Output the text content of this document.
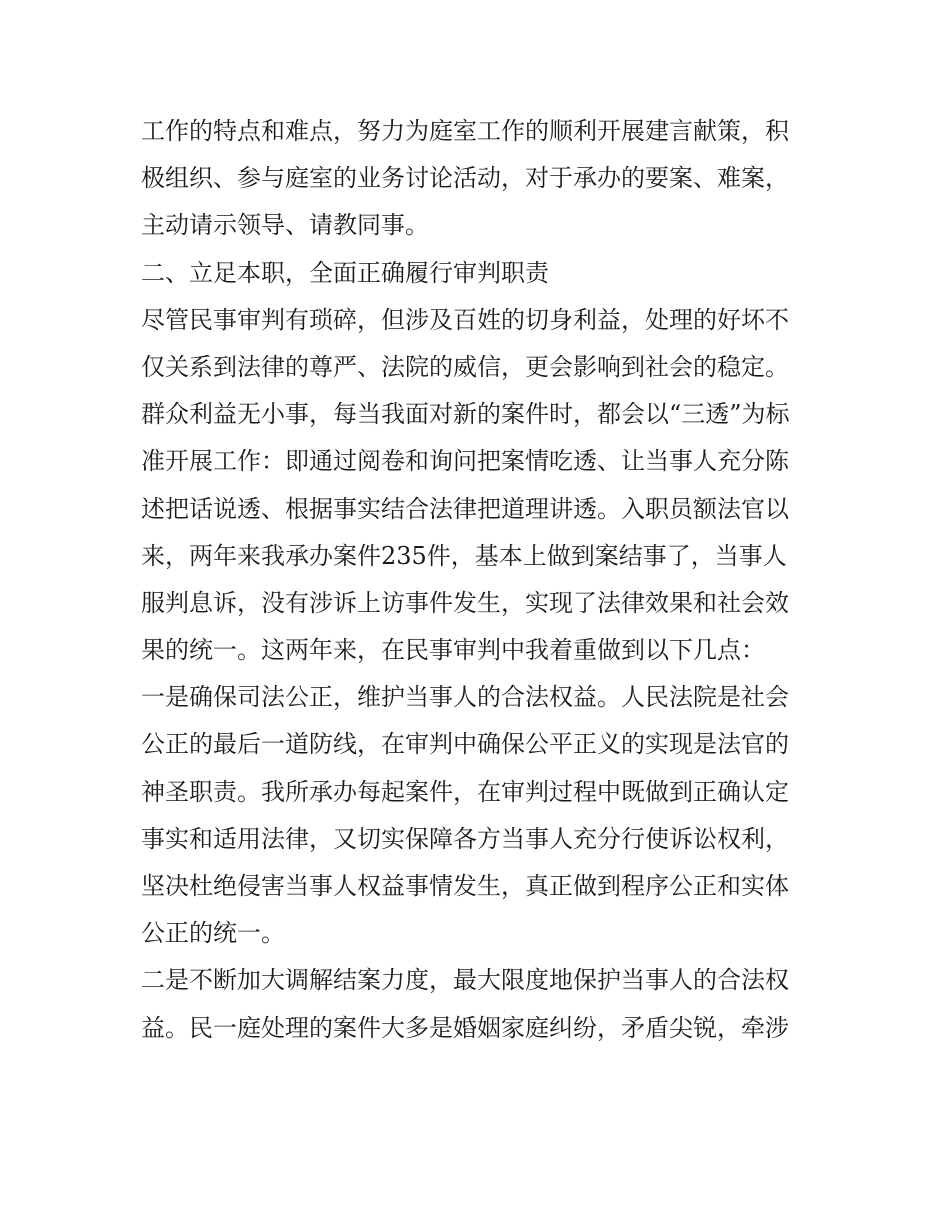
工作的特点和难点，努力为庭室工作的顺利开展建言献策，积

极组织、参与庭室的业务讨论活动，对于承办的要案、难案，

主动请示领导、请教同事。

二、立足本职，全面正确履行审判职责

尽管民事审判有琐碎，但涉及百姓的切身利益，处理的好坏不

仅关系到法律的尊严、法院的威信，更会影响到社会的稳定。

群众利益无小事，每当我面对新的案件时，都会以“三透”为标

准开展工作：即通过阅卷和询问把案情吃透、让当事人充分陈

述把话说透、根据事实结合法律把道理讲透。入职员额法官以

来，两年来我承办案件235件，基本上做到案结事了，当事人

服判息诉，没有涉诉上访事件发生，实现了法律效果和社会效

果的统一。这两年来，在民事审判中我着重做到以下几点：

一是确保司法公正，维护当事人的合法权益。人民法院是社会

公正的最后一道防线，在审判中确保公平正义的实现是法官的

神圣职责。我所承办每起案件，在审判过程中既做到正确认定

事实和适用法律，又切实保障各方当事人充分行使诉讼权利，

坚决杜绝侵害当事人权益事情发生，真正做到程序公正和实体

公正的统一。

二是不断加大调解结案力度，最大限度地保护当事人的合法权

益。民一庭处理的案件大多是婚姻家庭纠纷，矛盾尖锐，牵涉
